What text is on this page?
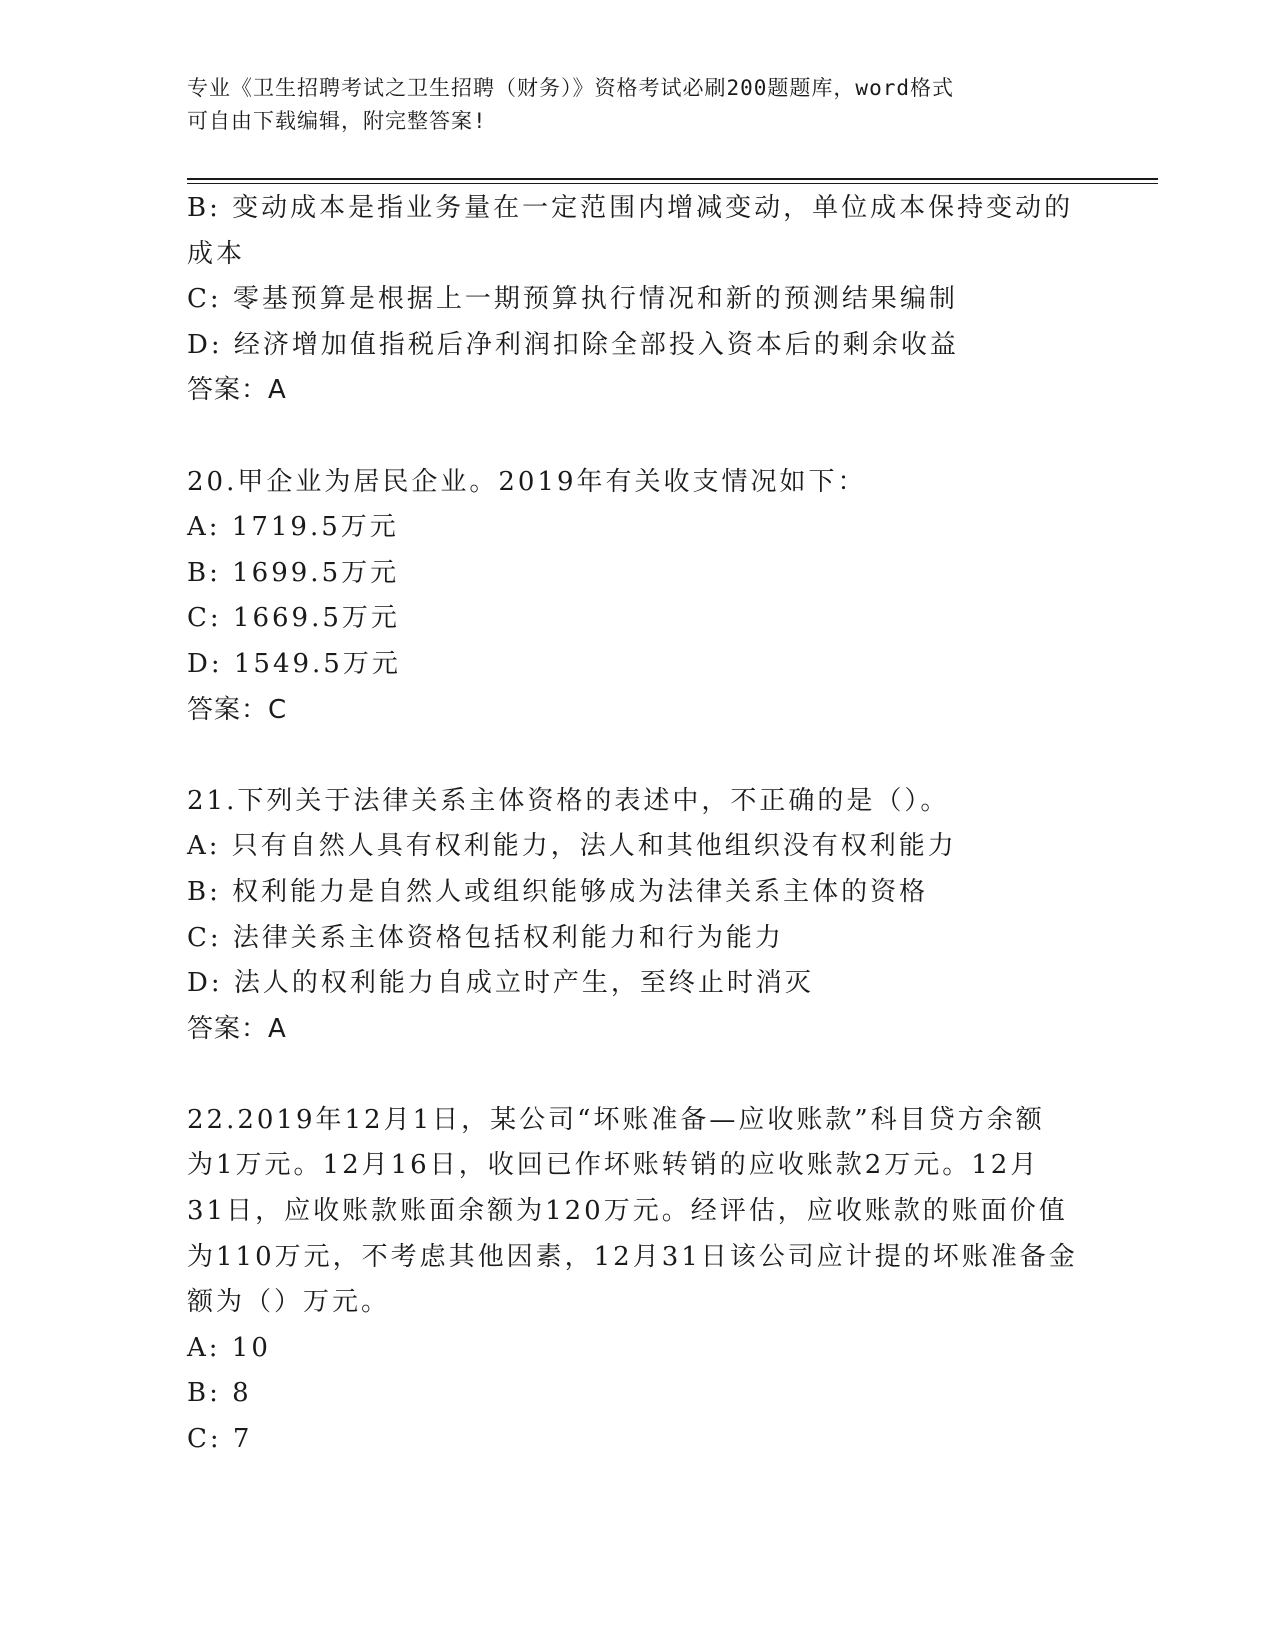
专业《卫生招聘考试之卫生招聘（财务）》资格考试必刷200题题库，word格式
可自由下载编辑，附完整答案!
B: 变动成本是指业务量在一定范围内增减变动，单位成本保持变动的
成本
C: 零基预算是根据上一期预算执行情况和新的预测结果编制
D: 经济增加值指税后净利润扣除全部投入资本后的剩余收益
答案：A
20.甲企业为居民企业。2019年有关收支情况如下：
A: 1719.5万元
B: 1699.5万元
C: 1669.5万元
D: 1549.5万元
答案：C
21.下列关于法律关系主体资格的表述中，不正确的是（）。
A: 只有自然人具有权利能力，法人和其他组织没有权利能力
B: 权利能力是自然人或组织能够成为法律关系主体的资格
C: 法律关系主体资格包括权利能力和行为能力
D: 法人的权利能力自成立时产生，至终止时消灭
答案：A
22.2019年12月1日，某公司“坏账准备—应收账款”科目贷方余额
为1万元。12月16日，收回已作坏账转销的应收账款2万元。12月
31日，应收账款账面余额为120万元。经评估，应收账款的账面价值
为110万元，不考虑其他因素，12月31日该公司应计提的坏账准备金
额为（）万元。
A: 10
B: 8
C: 7
